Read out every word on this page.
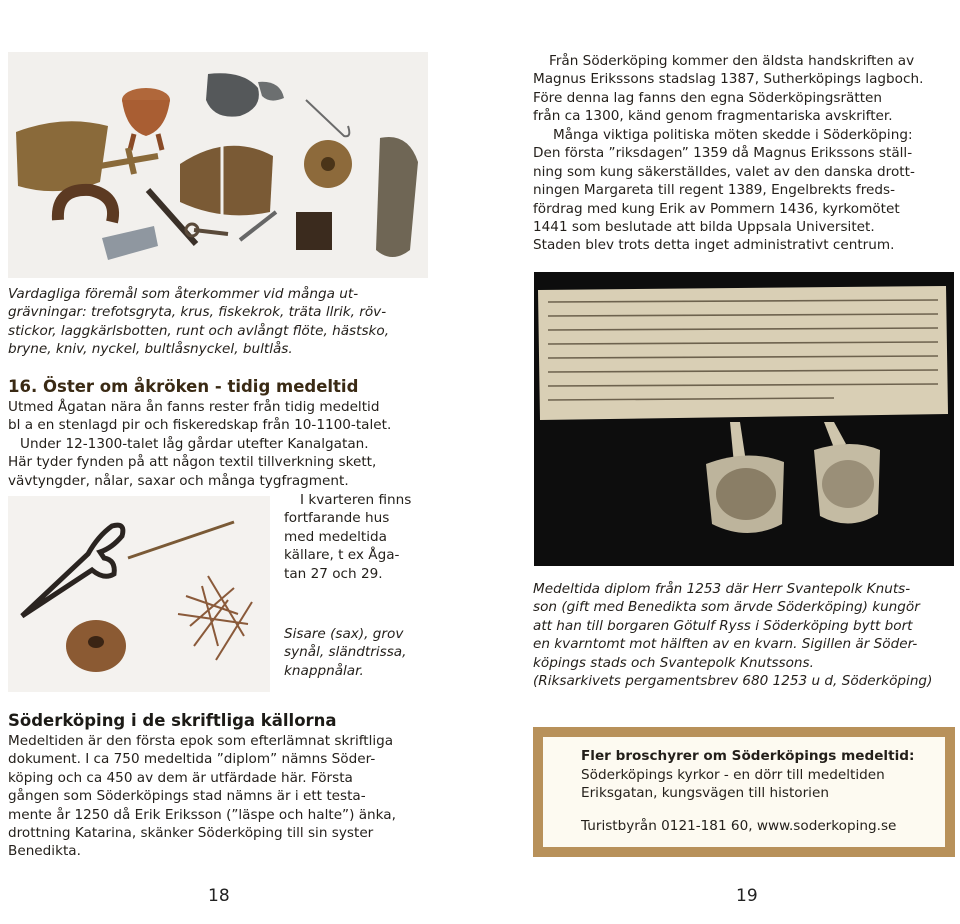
Vardagliga föremål som återkommer vid många ut-
grävningar: trefotsgryta, krus, fiskekrok, träta llrik, röv-
stickor, laggkärlsbotten, runt och avlångt flöte, hästsko,
bryne, kniv, nyckel, bultlåsnyckel, bultlås.
16. Öster om åkröken - tidig medeltid
Utmed Ågatan nära ån fanns rester från tidig medeltid
bl a en stenlagd pir och fiskeredskap från 10-1100-talet.
Under 12-1300-talet låg gårdar utefter Kanalgatan.
Här tyder fynden på att någon textil tillverkning skett,
vävtyngder, nålar, saxar och många tygfragment.
I kvarteren finns
fortfarande hus
med medeltida
källare, t ex Åga-
tan 27 och 29.
Sisare (sax), grov
synål, sländtrissa,
knappnålar.
Söderköping i de skriftliga källorna
Medeltiden är den första epok som efterlämnat skriftliga
dokument. I ca 750 medeltida ”diplom” nämns Söder-
köping och ca 450 av dem är utfärdade här. Första
gången som Söderköpings stad nämns är i ett testa-
mente år 1250 då Erik Eriksson (”läspe och halte”) änka,
drottning Katarina, skänker Söderköping till sin syster
Benedikta.
18
Från Söderköping kommer den äldsta handskriften av
Magnus Erikssons stadslag 1387, Sutherköpings lagboch.
Före denna lag fanns den egna Söderköpingsrätten
från ca 1300, känd genom fragmentariska avskrifter.
Många viktiga politiska möten skedde i Söderköping:
Den första ”riksdagen” 1359 då Magnus Erikssons ställ-
ning som kung säkerställdes, valet av den danska drott-
ningen Margareta till regent 1389, Engelbrekts freds-
fördrag med kung Erik av Pommern 1436, kyrkomötet
1441 som beslutade att bilda Uppsala Universitet.
Staden blev trots detta inget administrativt centrum.
Medeltida diplom från 1253 där Herr Svantepolk Knuts-
son (gift med Benedikta som ärvde Söderköping) kungör
att han till borgaren Götulf Ryss i Söderköping bytt bort
en kvarntomt mot hälften av en kvarn. Sigillen är Söder-
köpings stads och Svantepolk Knutssons.
(Riksarkivets pergamentsbrev 680 1253 u d, Söderköping)
19
Fler broschyrer om Söderköpings medeltid:
Söderköpings kyrkor - en dörr till medeltiden
Eriksgatan, kungsvägen till historien
Turistbyrån 0121-181 60, www.soderkoping.se
